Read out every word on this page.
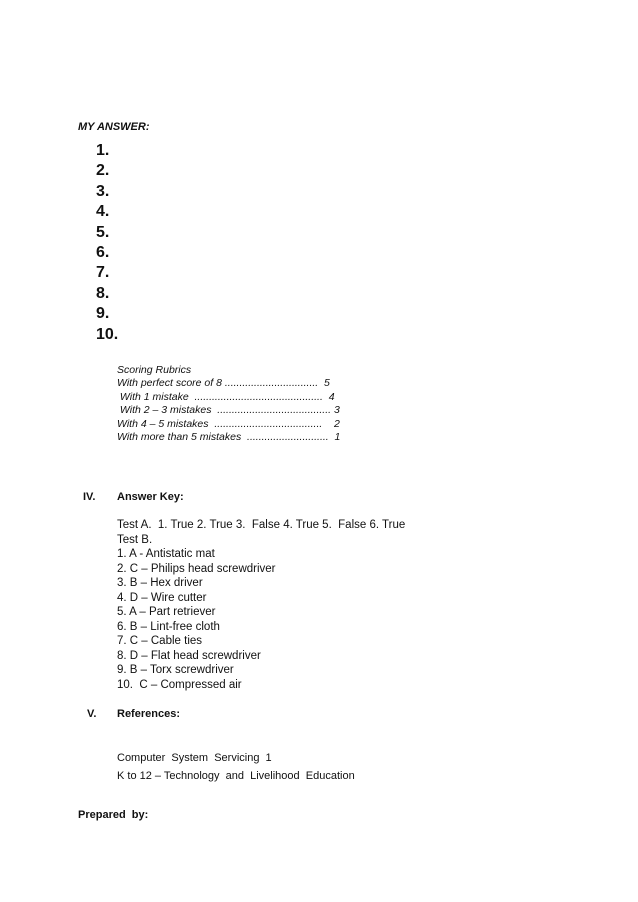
MY ANSWER:
1.
2.
3.
4.
5.
6.
7.
8.
9.
10.
Scoring Rubrics
With perfect score of 8 ................................  5
With 1 mistake  ............................................  4
With 2 – 3 mistakes  ....................................... 3
With 4 – 5 mistakes  .....................................    2
With more than 5 mistakes  ............................  1
IV. Answer Key:
Test A.  1. True 2. True 3.  False 4. True 5.  False 6. True
Test B.
1. A - Antistatic mat
2. C – Philips head screwdriver
3. B – Hex driver
4. D – Wire cutter
5. A – Part retriever
6. B – Lint-free cloth
7. C – Cable ties
8. D – Flat head screwdriver
9. B – Torx screwdriver
10.  C – Compressed air
V. References:
Computer  System  Servicing  1
K to 12 – Technology  and  Livelihood  Education
Prepared  by:
